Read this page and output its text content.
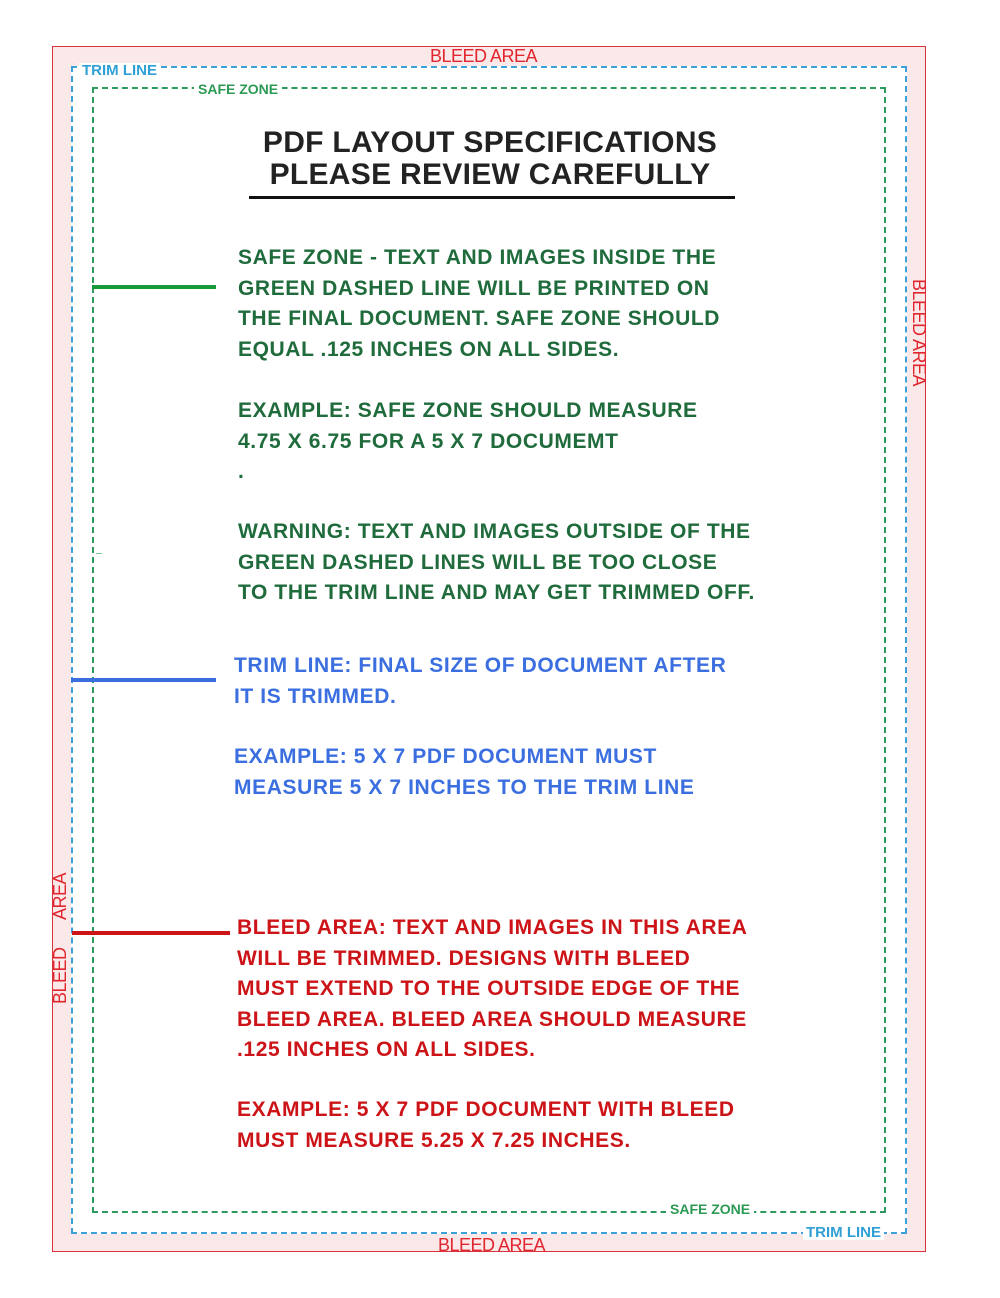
BLEED AREA
BLEED AREA
BLEED AREA
BLEED
AREA
TRIM LINE
TRIM LINE
SAFE ZONE
SAFE ZONE
PDF LAYOUT SPECIFICATIONS
PLEASE REVIEW CAREFULLY

SAFE ZONE - TEXT AND IMAGES INSIDE THE
GREEN DASHED LINE WILL BE PRINTED ON
THE FINAL DOCUMENT. SAFE ZONE SHOULD
EQUAL .125 INCHES ON ALL SIDES.

EXAMPLE: SAFE ZONE SHOULD MEASURE
4.75 X 6.75 FOR A 5 X 7 DOCUMEMT
.

WARNING: TEXT AND IMAGES OUTSIDE OF THE
GREEN DASHED LINES WILL BE TOO CLOSE
TO THE TRIM LINE AND MAY GET TRIMMED OFF.

TRIM LINE: FINAL SIZE OF DOCUMENT AFTER
IT IS TRIMMED.

EXAMPLE: 5 X 7 PDF DOCUMENT MUST
MEASURE 5 X 7 INCHES TO THE TRIM LINE

BLEED AREA: TEXT AND IMAGES IN THIS AREA
WILL BE TRIMMED. DESIGNS WITH BLEED
MUST EXTEND TO THE OUTSIDE EDGE OF THE
BLEED AREA. BLEED AREA SHOULD MEASURE
.125 INCHES ON ALL SIDES.

EXAMPLE: 5 X 7 PDF DOCUMENT WITH BLEED
MUST MEASURE 5.25 X 7.25 INCHES.
